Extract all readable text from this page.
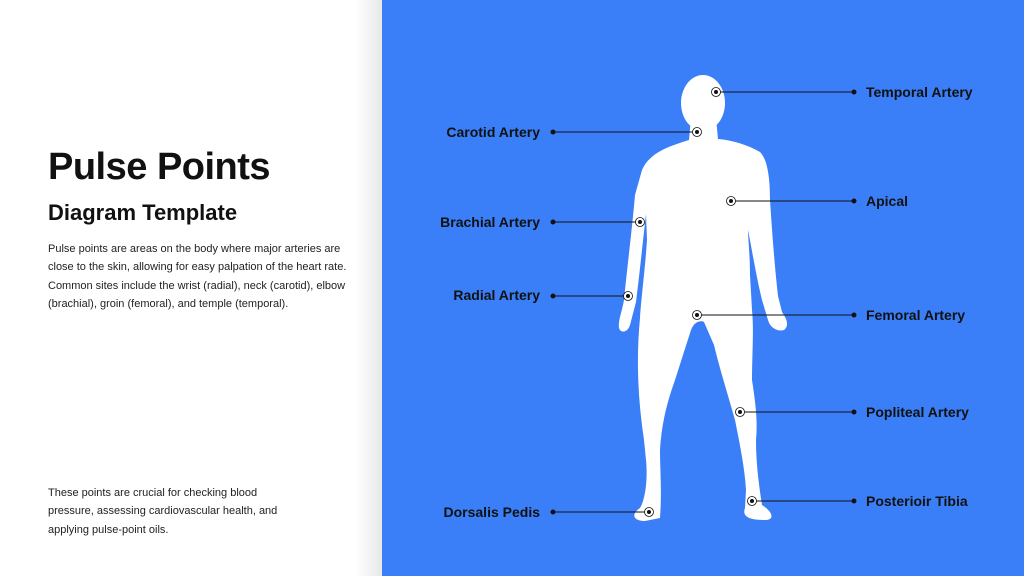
Pulse Points
Diagram Template
Pulse points are areas on the body where major arteries are close to the skin, allowing for easy palpation of the heart rate. Common sites include the wrist (radial), neck (carotid), elbow (brachial), groin (femoral), and temple (temporal).
These points are crucial for checking blood pressure, assessing cardiovascular health, and applying pulse-point oils.
Temporal Artery
Carotid Artery
Apical
Brachial Artery
Radial Artery
Femoral Artery
Popliteal Artery
Posterioir Tibia
Dorsalis Pedis
